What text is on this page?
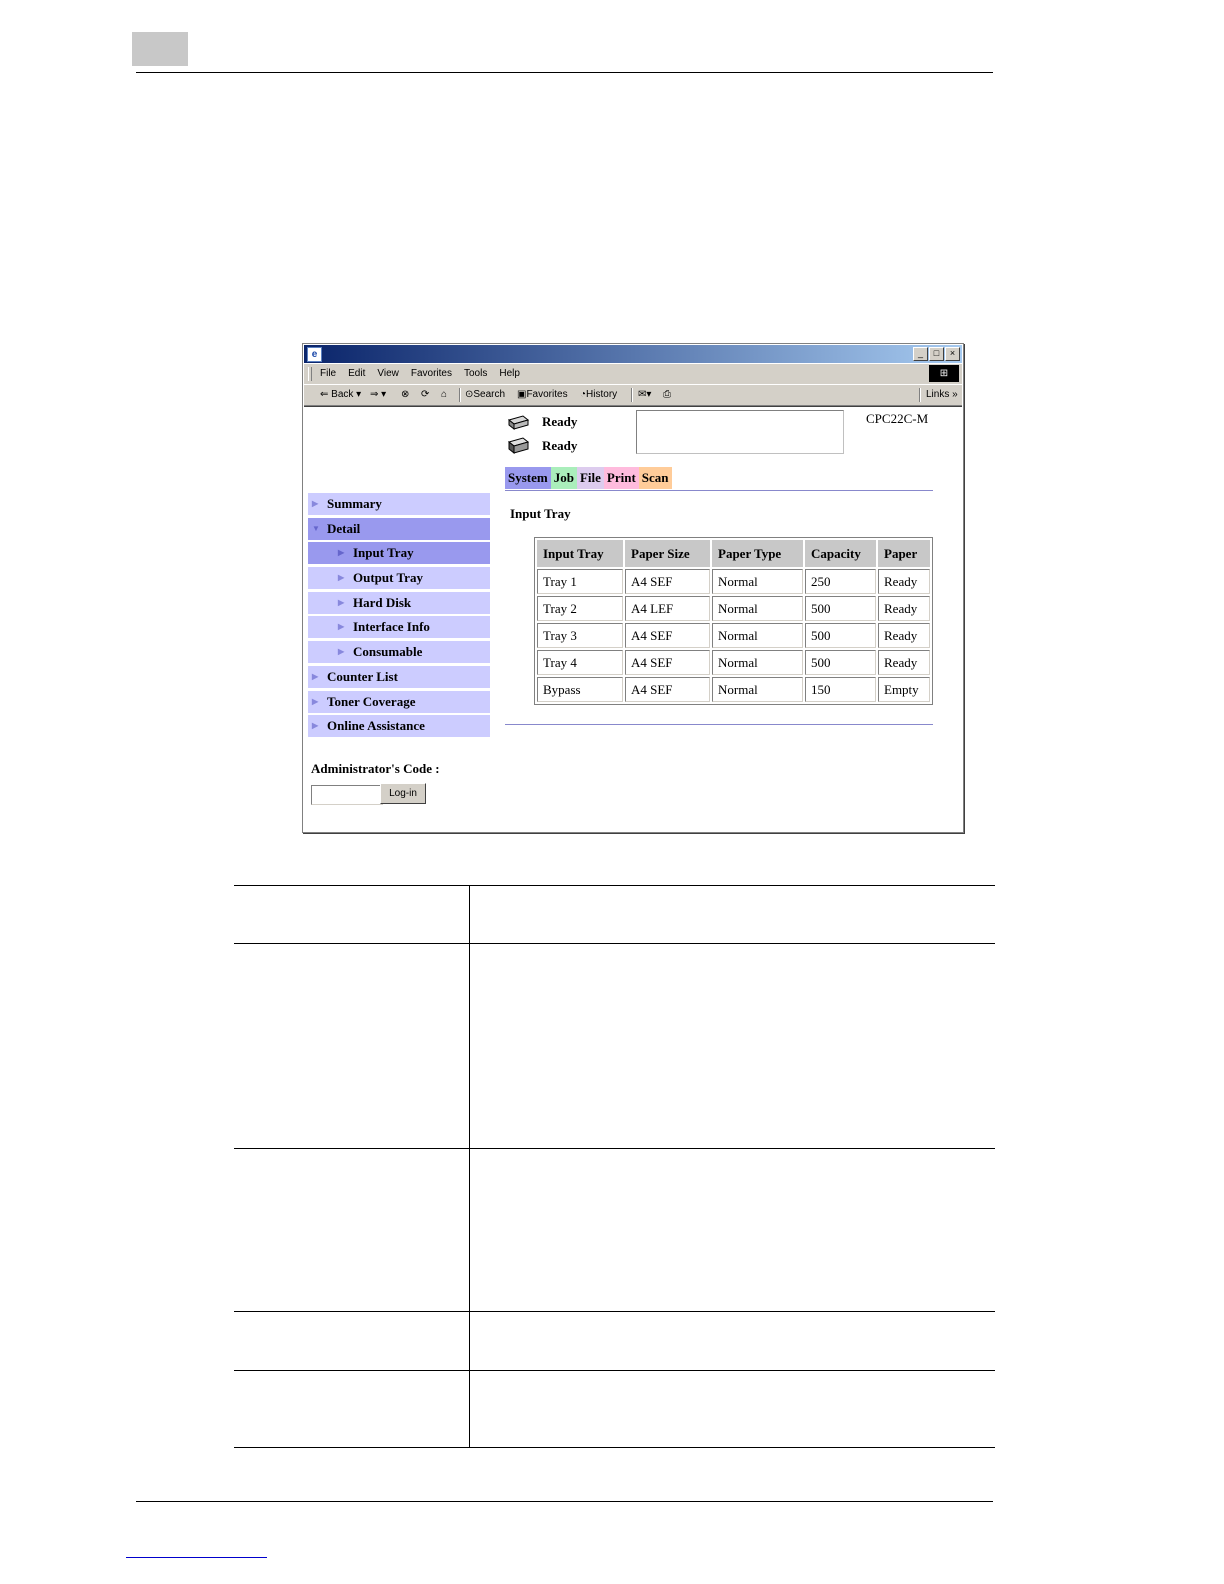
e	_	□	×
File Edit View Favorites Tools Help	⊞
⇐ Back ▾ ⇒ ▾ ⊗ ⟳ ⌂ ⊙Search ▣Favorites ◔History ✉▾ ⎙	Links »
Ready
Ready
CPC22C-M
System Job File Print Scan
▶ Summary
▼ Detail
▶ Input Tray
▶ Output Tray
▶ Hard Disk
▶ Interface Info
▶ Consumable
▶ Counter List
▶ Toner Coverage
▶ Online Assistance
Administrator's Code :
Log-in
Input Tray
Input Tray	Paper Size	Paper Type	Capacity	Paper
Tray 1	A4 SEF	Normal	250	Ready
Tray 2	A4 LEF	Normal	500	Ready
Tray 3	A4 SEF	Normal	500	Ready
Tray 4	A4 SEF	Normal	500	Ready
Bypass	A4 SEF	Normal	150	Empty
